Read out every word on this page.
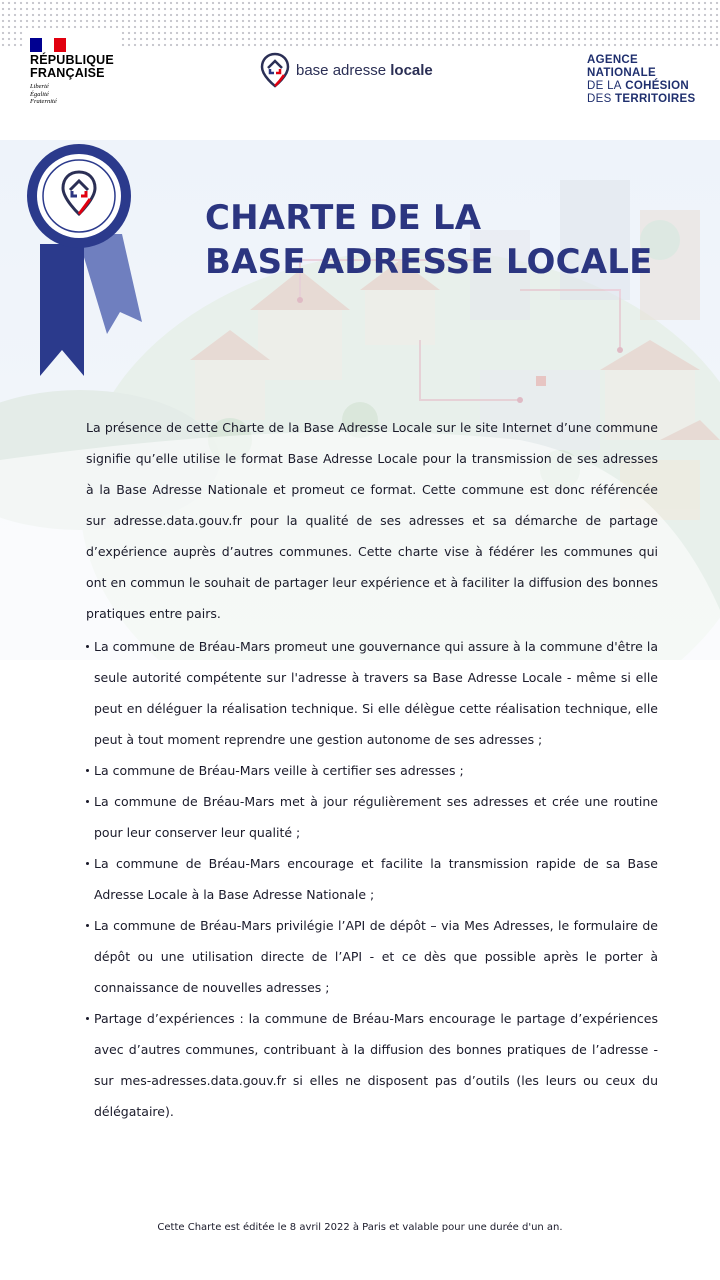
RÉPUBLIQUE
FRANÇAISE
Liberté
Égalité
Fraternité
base adresse locale
AGENCE
NATIONALE
DE LA COHÉSION
DES TERRITOIRES
CHARTE DE LA
BASE ADRESSE LOCALE

La présence de cette Charte de la Base Adresse Locale sur le site Internet d’une commune signifie qu’elle utilise le format Base Adresse Locale pour la transmission de ses adresses à la Base Adresse Nationale et promeut ce format. Cette commune est donc référencée sur adresse.data.gouv.fr pour la qualité de ses adresses et sa démarche de partage d’expérience auprès d’autres communes. Cette charte vise à fédérer les communes qui ont en commun le souhait de partager leur expérience et à faciliter la diffusion des bonnes pratiques entre pairs.

La commune de Bréau-Mars promeut une gouvernance qui assure à la commune d'être la seule autorité compétente sur l'adresse à travers sa Base Adresse Locale - même si elle peut en déléguer la réalisation technique. Si elle délègue cette réalisation technique, elle peut à tout moment reprendre une gestion autonome de ses adresses ;

La commune de Bréau-Mars veille à certifier ses adresses ;

La commune de Bréau-Mars met à jour régulièrement ses adresses et crée une routine pour leur conserver leur qualité ;

La commune de Bréau-Mars encourage et facilite la transmission rapide de sa Base Adresse Locale à la Base Adresse Nationale ;

La commune de Bréau-Mars privilégie l’API de dépôt – via Mes Adresses, le formulaire de dépôt ou une utilisation directe de l’API - et ce dès que possible après le porter à connaissance de nouvelles adresses ;

Partage d’expériences : la commune de Bréau-Mars encourage le partage d’expériences avec d’autres communes, contribuant à la diffusion des bonnes pratiques de l’adresse - sur mes-adresses.data.gouv.fr si elles ne disposent pas d’outils (les leurs ou ceux du délégataire).

Cette Charte est éditée le 8 avril 2022 à Paris et valable pour une durée d'un an.
